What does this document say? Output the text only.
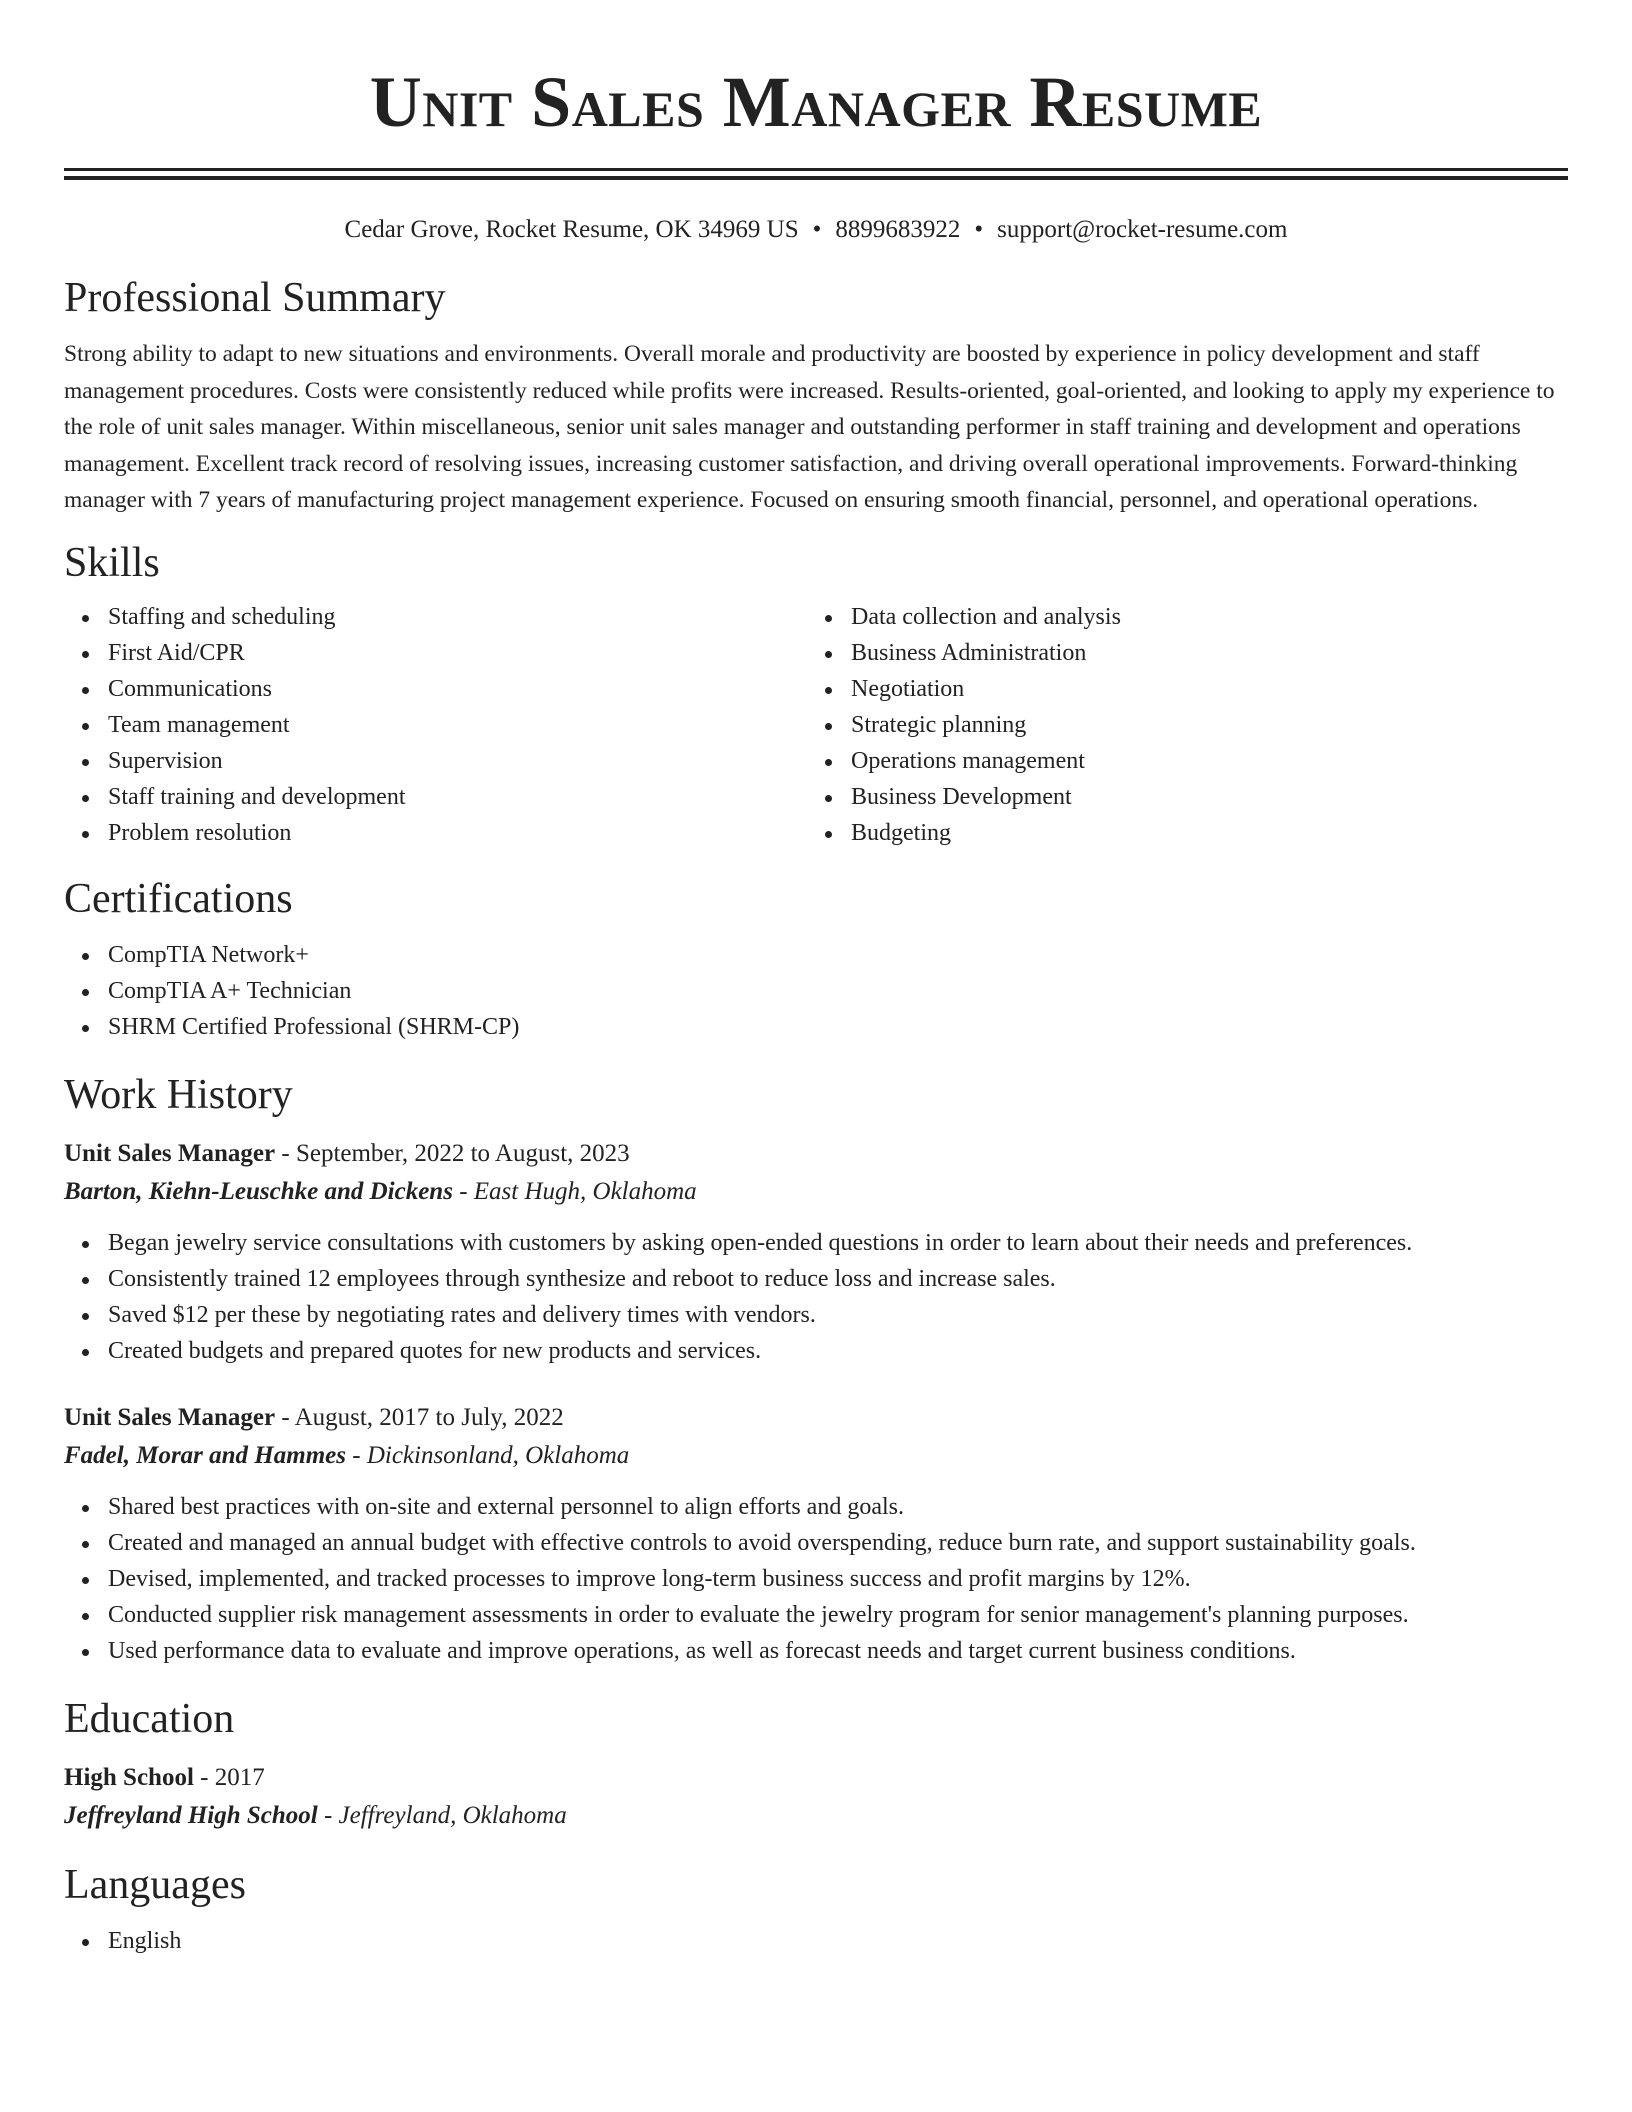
Unit Sales Manager Resume
Cedar Grove, Rocket Resume, OK 34969 US • 8899683922 • support@rocket-resume.com
Professional Summary

Strong ability to adapt to new situations and environments. Overall morale and productivity are boosted by experience in policy development and staff management procedures. Costs were consistently reduced while profits were increased. Results-oriented, goal-oriented, and looking to apply my experience to the role of unit sales manager. Within miscellaneous, senior unit sales manager and outstanding performer in staff training and development and operations management. Excellent track record of resolving issues, increasing customer satisfaction, and driving overall operational improvements. Forward-thinking manager with 7 years of manufacturing project management experience. Focused on ensuring smooth financial, personnel, and operational operations.

Skills
Staffing and scheduling
First Aid/CPR
Communications
Team management
Supervision
Staff training and development
Problem resolution
Data collection and analysis
Business Administration
Negotiation
Strategic planning
Operations management
Business Development
Budgeting
Certifications
CompTIA Network+
CompTIA A+ Technician
SHRM Certified Professional (SHRM-CP)
Work History
Unit Sales Manager - September, 2022 to August, 2023
Barton, Kiehn-Leuschke and Dickens - East Hugh, Oklahoma
Began jewelry service consultations with customers by asking open-ended questions in order to learn about their needs and preferences.
Consistently trained 12 employees through synthesize and reboot to reduce loss and increase sales.
Saved $12 per these by negotiating rates and delivery times with vendors.
Created budgets and prepared quotes for new products and services.
Unit Sales Manager - August, 2017 to July, 2022
Fadel, Morar and Hammes - Dickinsonland, Oklahoma
Shared best practices with on-site and external personnel to align efforts and goals.
Created and managed an annual budget with effective controls to avoid overspending, reduce burn rate, and support sustainability goals.
Devised, implemented, and tracked processes to improve long-term business success and profit margins by 12%.
Conducted supplier risk management assessments in order to evaluate the jewelry program for senior management's planning purposes.
Used performance data to evaluate and improve operations, as well as forecast needs and target current business conditions.
Education
High School - 2017
Jeffreyland High School - Jeffreyland, Oklahoma
Languages
English
